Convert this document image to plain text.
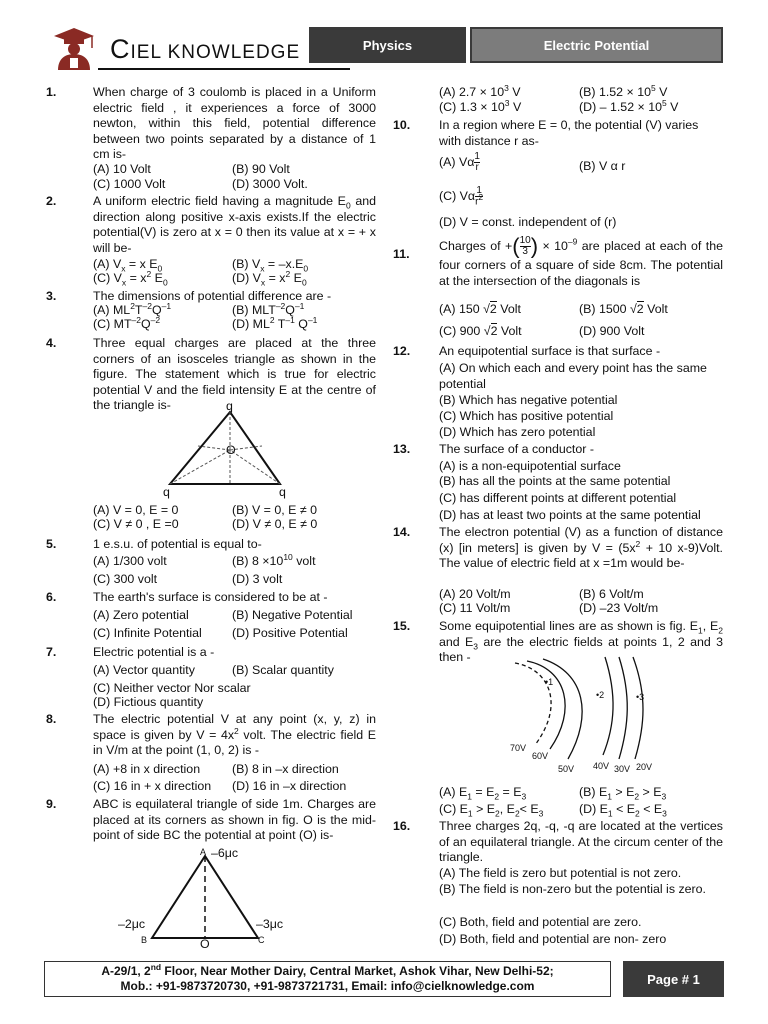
CIEL KNOWLEDGE	Physics	Electric Potential
1.	When charge of 3 coulomb is placed in a Uniform electric field , it experiences a force of 3000 newton, within this field, potential difference between two points separated by a distance of 1 cm is-
(A) 10 Volt	(B) 90 Volt
(C) 1000 Volt	(D) 3000 Volt.
2.	A uniform electric field having a magnitude $E_0$ and direction along positive x-axis exists.If the electric potential(V) is zero at x = 0 then its value at x = + x will be-
(A) $V_x = x$ $E_0$	(B) $V_x = -x.E_0$
(C) $V_x = x^2$ $E_0$	(D) $V_x = x^2$ $E_0$
3.	The dimensions of potential difference are -
(A) $ML^2T^{-2}Q^{-1}$	(B) $MLT^{-2}Q^{-1}$
(C) $MT^{-2}Q^{-2}$	(D) $ML^2$ $T^{-1}$ $Q^{-1}$
4.	Three equal charges are placed at the three corners of an isosceles triangle as shown in the figure. The statement which is true for electric potential V and the field intensity E at the centre of the triangle is-	q
O
q	q
(A) V = 0, E = 0	(B) V = 0, E ≠ 0
(C) V ≠ 0 , E =0	(D) V ≠ 0, E ≠ 0
5.	1 e.s.u. of potential is equal to-
(A) 1/300 volt	(B) $8 \times 10^{10}$ volt
(C) 300 volt	(D) 3 volt
6.	The earth's surface is considered to be at -
(A) Zero potential	(B) Negative Potential
(C) Infinite Potential (D) Positive Potential
7.	Electric potential is a -
(A) Vector quantity	(B) Scalar quantity
(C) Neither vector Nor scalar
(D) Fictious quantity
8.	The electric potential V at any point (x, y, z) in space is given by $V = 4x^2$ volt. The electric field E in V/m at the point (1, 0, 2) is -
(A) +8 in x direction	(B) 8 in –x direction
(C) 16 in + x direction (D) 16 in –x direction
9.	ABC is equilateral triangle of side 1m. Charges are placed at its corners as shown in fig. O is the mid- point of side BC the potential at point (O) is-
A –6μc
–2μc
B
–3μc
C
O
(A) $2.7 \times 10^3$ V	(B) $1.52 \times 10^5$ V
(C) $1.3 \times 10^3$ V	$(D) - 1.52 \times 10^5$ V
10. In a region where E = 0, the potential (V) varies with distance r as-
(A) Vα $\frac{1}{r}$	(B) V α r
(C) Vα $\frac{1}{r^2}$
(D) V = const. independent of (r)
11.
Charges of +( $\frac{10}{3}$ ) × $10^{-9}$ are placed at each of the four corners of a square of side 8cm. The potential at the intersection of the diagonals is
(A) 150 √2 Volt	(B) 1500 √2 Volt
(C) 900 √2 Volt	(D) 900 Volt
12. An equipotential surface is that surface -
(A) On which each and every point has the same potential
(B) Which has negative potential
(C) Which has positive potential
(D) Which has zero potential
13. The surface of a conductor -
(A) is a non-equipotential surface
(B) has all the points at the same potential
(C) has different points at different potential
(D) has at least two points at the same potential
14. The electron potential (V) as a function of distance (x) [in meters] is given by $V = (5x^2 + 10$ x-9)Volt. The value of electric field at x =1m would be-
(A) 20 Volt/m	(B) 6 Volt/m
(C) 11 Volt/m	(D) –23 Volt/m
15. Some equipotential lines are as shown is fig. $E_1$, $E_2$ and $E_3$ are the electric fields at points 1, 2 and 3 then -
•1
•2	•3
70V
60V
50V 40V 30V 20V
(A) $E_1 = E_2 = E_3$	(B) $E_1 > E_2 > E_3$
(C) $E_1 > E_2$, $E_2< E_3$	(D) $E_1 < E_2 < E_3$
16. Three charges 2q, -q, -q are located at the vertices of an equilateral triangle. At the circum center of the triangle.
(A) The field is zero but potential is not zero.
(B) The field is non-zero but the potential is zero.
(C) Both, field and potential are zero.
(D) Both, field and potential are non- zero
A-29/1, 2nd Floor, Near Mother Dairy, Central Market, Ashok Vihar, New Delhi-52;
Mob.: +91-9873720730, +91-9873721731, Email: info@cielknowledge.com	Page # 1
